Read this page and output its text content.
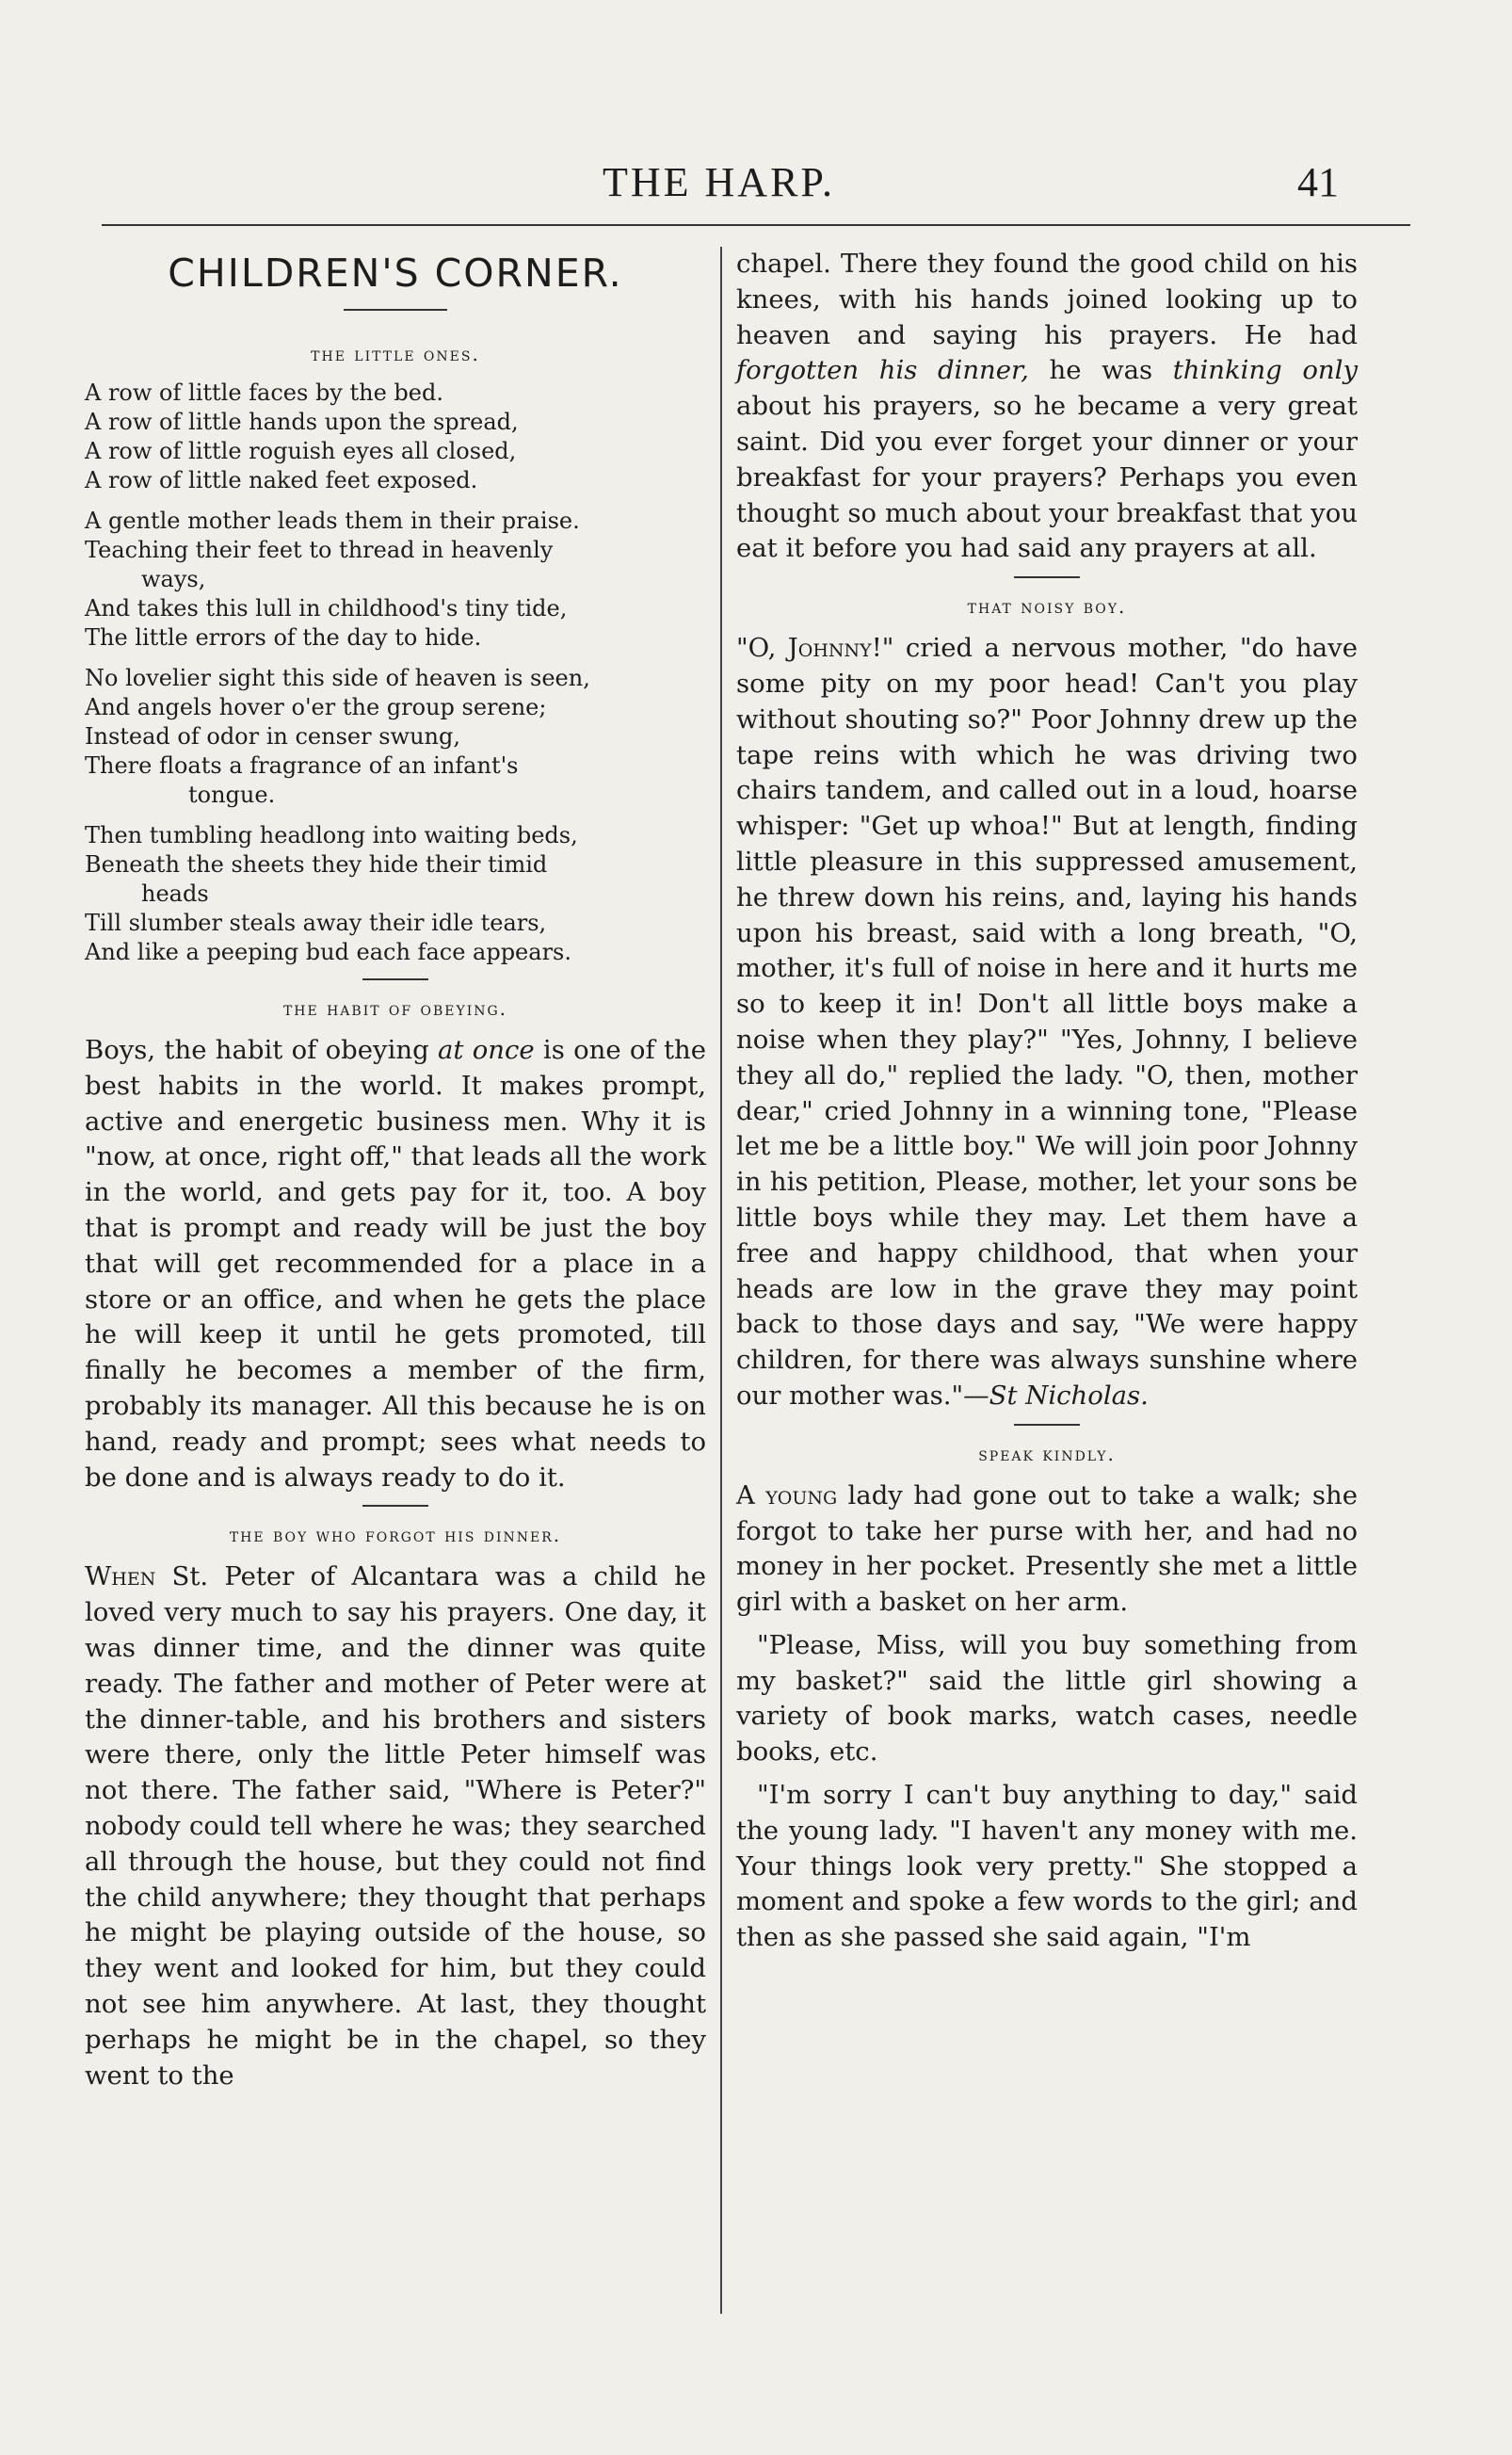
THE HARP.	41
CHILDREN'S CORNER.
the little ones.
A row of little faces by the bed.
A row of little hands upon the spread,
A row of little roguish eyes all closed,
A row of little naked feet exposed.
A gentle mother leads them in their praise.
Teaching their feet to thread in heavenly
ways,
And takes this lull in childhood's tiny tide,
The little errors of the day to hide.
No lovelier sight this side of heaven is seen,
And angels hover o'er the group serene;
Instead of odor in censer swung,
There floats a fragrance of an infant's
tongue.
Then tumbling headlong into waiting beds,
Beneath the sheets they hide their timid
heads
Till slumber steals away their idle tears,
And like a peeping bud each face appears.
the habit of obeying.

Boys, the habit of obeying at once is one of the best habits in the world. It makes prompt, active and energetic business men. Why it is "now, at once, right off," that leads all the work in the world, and gets pay for it, too. A boy that is prompt and ready will be just the boy that will get recommended for a place in a store or an office, and when he gets the place he will keep it until he gets promoted, till finally he becomes a member of the firm, probably its manager. All this because he is on hand, ready and prompt; sees what needs to be done and is always ready to do it.

the boy who forgot his dinner.

When St. Peter of Alcantara was a child he loved very much to say his prayers. One day, it was dinner time, and the dinner was quite ready. The father and mother of Peter were at the dinner-table, and his brothers and sisters were there, only the little Peter himself was not there. The father said, "Where is Peter?" nobody could tell where he was; they searched all through the house, but they could not find the child anywhere; they thought that perhaps he might be playing outside of the house, so they went and looked for him, but they could not see him anywhere. At last, they thought perhaps he might be in the chapel, so they went to the

chapel. There they found the good child on his knees, with his hands joined looking up to heaven and saying his prayers. He had forgotten his dinner, he was thinking only about his prayers, so he became a very great saint. Did you ever forget your dinner or your breakfast for your prayers? Perhaps you even thought so much about your breakfast that you eat it before you had said any prayers at all.

that noisy boy.

"O, Johnny!" cried a nervous mother, "do have some pity on my poor head! Can't you play without shouting so?" Poor Johnny drew up the tape reins with which he was driving two chairs tandem, and called out in a loud, hoarse whisper: "Get up whoa!" But at length, finding little pleasure in this suppressed amusement, he threw down his reins, and, laying his hands upon his breast, said with a long breath, "O, mother, it's full of noise in here and it hurts me so to keep it in! Don't all little boys make a noise when they play?" "Yes, Johnny, I believe they all do," replied the lady. "O, then, mother dear," cried Johnny in a winning tone, "Please let me be a little boy." We will join poor Johnny in his petition, Please, mother, let your sons be little boys while they may. Let them have a free and happy childhood, that when your heads are low in the grave they may point back to those days and say, "We were happy children, for there was always sunshine where our mother was."—St Nicholas.

speak kindly.

A young lady had gone out to take a walk; she forgot to take her purse with her, and had no money in her pocket. Presently she met a little girl with a basket on her arm.

"Please, Miss, will you buy something from my basket?" said the little girl showing a variety of book marks, watch cases, needle books, etc.

"I'm sorry I can't buy anything to day," said the young lady. "I haven't any money with me. Your things look very pretty." She stopped a moment and spoke a few words to the girl; and then as she passed she said again, "I'm
